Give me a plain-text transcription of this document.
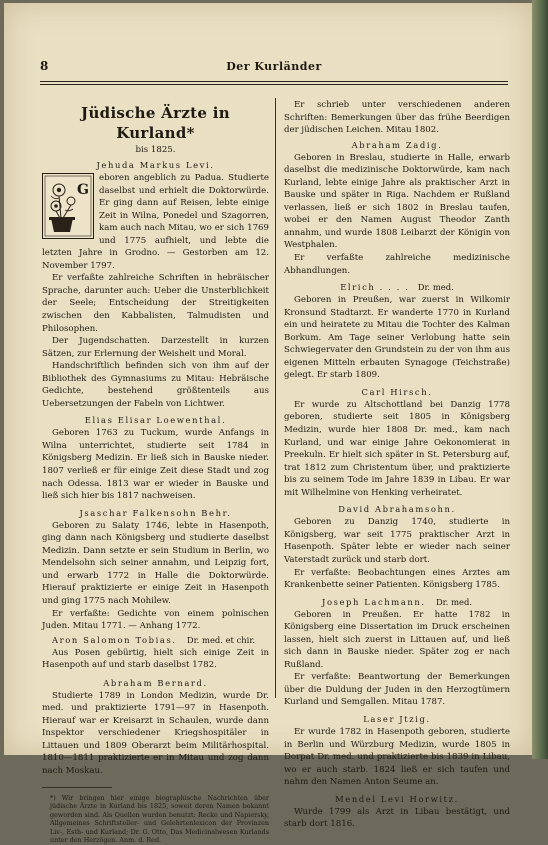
8	Der Kurländer
Jüdische Ärzte in Kurland*
bis 1825.
Jehuda Markus Levi.
G

eboren angeblich zu Padua. Studierte daselbst und erhielt die Doktorwürde. Er ging dann auf Reisen, lebte einige Zeit in Wilna, Ponedel und Szagorren, kam auch nach Mitau, wo er sich 1769 und 1775 aufhielt, und lebte die letzten Jahre in Grodno. — Gestorben am 12. November 1797.

Er verfaßte zahlreiche Schriften in hebräischer Sprache, darunter auch: Ueber die Unsterblichkeit der Seele; Entscheidung der Streitigkeiten zwischen den Kabbalisten, Talmudisten und Philosophen.

Der Jugendschatten. Darzestellt in kurzen Sätzen, zur Erlernung der Weisheit und Moral.

Handschriftlich befinden sich von ihm auf der Bibliothek des Gymnasiums zu Mitau: Hebräische Gedichte, bestehend größtenteils aus Uebersetzungen der Fabeln von Lichtwer.

Elias Elisar Loewenthal.

Geboren 1763 zu Tuckum, wurde Anfangs in Wilna unterrichtet, studierte seit 1784 in Königsberg Medizin. Er ließ sich in Bauske nieder. 1807 verließ er für einige Zeit diese Stadt und zog nach Odessa. 1813 war er wieder in Bauske und ließ sich hier bis 1817 nachweisen.

Jsaschar Falkensohn Behr.

Geboren zu Salaty 1746, lebte in Hasenpoth, ging dann nach Königsberg und studierte daselbst Medizin. Dann setzte er sein Studium in Berlin, wo Mendelsohn sich seiner annahm, und Leipzig fort, und erwarb 1772 in Halle die Doktorwürde. Hierauf praktizierte er einige Zeit in Hasenpoth und ging 1775 nach Mohilew.

Er verfaßte: Gedichte von einem polnischen Juden. Mitau 1771. — Anhang 1772.

Aron Salomon Tobias. Dr. med. et chir.

Aus Posen gebürtig, hielt sich einige Zeit in Hasenpoth auf und starb daselbst 1782.

Abraham Bernard.

Studierte 1789 in London Medizin, wurde Dr. med. und praktizierte 1791—97 in Hasenpoth. Hierauf war er Kreisarzt in Schaulen, wurde dann Inspektor verschiedener Kriegshospitäler in Littauen und 1809 Oberarzt beim Militärhospital. 1810—1811 praktizierte er in Mitau und zog dann nach Moskau.

*) Wir bringen hier einige biographische Nachrichten über jüdische Ärzte in Kurland bis 1825, soweit deren Namen bekannt geworden sind. Als Quellen wurden benutzt: Recke und Napiersky, Allgemeines Schriftsteller- und Gelehrtenlexicon der Provinzen Liv-, Esth- und Kurland; Dr. G. Otto, Das Medicinalwesen Kurlands unter den Herzögen. Anm. d. Red.

Er schrieb unter verschiedenen anderen Schriften: Bemerkungen über das frühe Beerdigen der jüdischen Leichen. Mitau 1802.

Abraham Zadig.

Geboren in Breslau, studierte in Halle, erwarb daselbst die medizinische Doktorwürde, kam nach Kurland, lebte einige Jahre als praktischer Arzt in Bauske und später in Riga. Nachdem er Rußland verlassen, ließ er sich 1802 in Breslau taufen, wobei er den Namen August Theodor Zanth annahm, und wurde 1808 Leibarzt der Königin von Westphalen.

Er verfaßte zahlreiche medizinische Abhandlungen.

Elrich . . . . Dr. med.

Geboren in Preußen, war zuerst in Wilkomir Kronsund Stadtarzt. Er wanderte 1770 in Kurland ein und heiratete zu Mitau die Tochter des Kalman Borkum. Am Tage seiner Verlobung hatte sein Schwiegervater den Grundstein zu der von ihm aus eigenen Mitteln erbauten Synagoge (Teichstraße) gelegt. Er starb 1809.

Carl Hirsch.

Er wurde zu Altschottland bei Danzig 1778 geboren, studierte seit 1805 in Königsberg Medizin, wurde hier 1808 Dr. med., kam nach Kurland, und war einige Jahre Oekonomierat in Preekuln. Er hielt sich später in St. Petersburg auf, trat 1812 zum Christentum über, und praktizierte bis zu seinem Tode im Jahre 1839 in Libau. Er war mit Wilhelmine von Henking verheiratet.

David Abrahamsohn.

Geboren zu Danzig 1740, studierte in Königsberg, war seit 1775 praktischer Arzt in Hasenpoth. Später lebte er wieder nach seiner Vaterstadt zurück und starb dort.

Er verfaßte: Beobachtungen eines Arztes am Krankenbette seiner Patienten. Königsberg 1785.

Joseph Lachmann. Dr. med.

Geboren in Preußen. Er hatte 1782 in Königsberg eine Dissertation im Druck erscheinen lassen, hielt sich zuerst in Littauen auf, und ließ sich dann in Bauske nieder. Später zog er nach Rußland.

Er verfaßte: Beantwortung der Bemerkungen über die Duldung der Juden in den Herzogtümern Kurland und Semgallen. Mitau 1787.

Laser Jtzig.

Er wurde 1782 in Hasenpoth geboren, studierte in Berlin und Würzburg Medizin, wurde 1805 in Dorpat Dr. med. und praktizierte bis 1839 in Libau, wo er auch starb. 1824 ließ er sich taufen und nahm den Namen Anton Seume an.

Mendel Levi Horwitz.

Wurde 1799 als Arzt in Libau bestätigt, und starb dort 1816.
